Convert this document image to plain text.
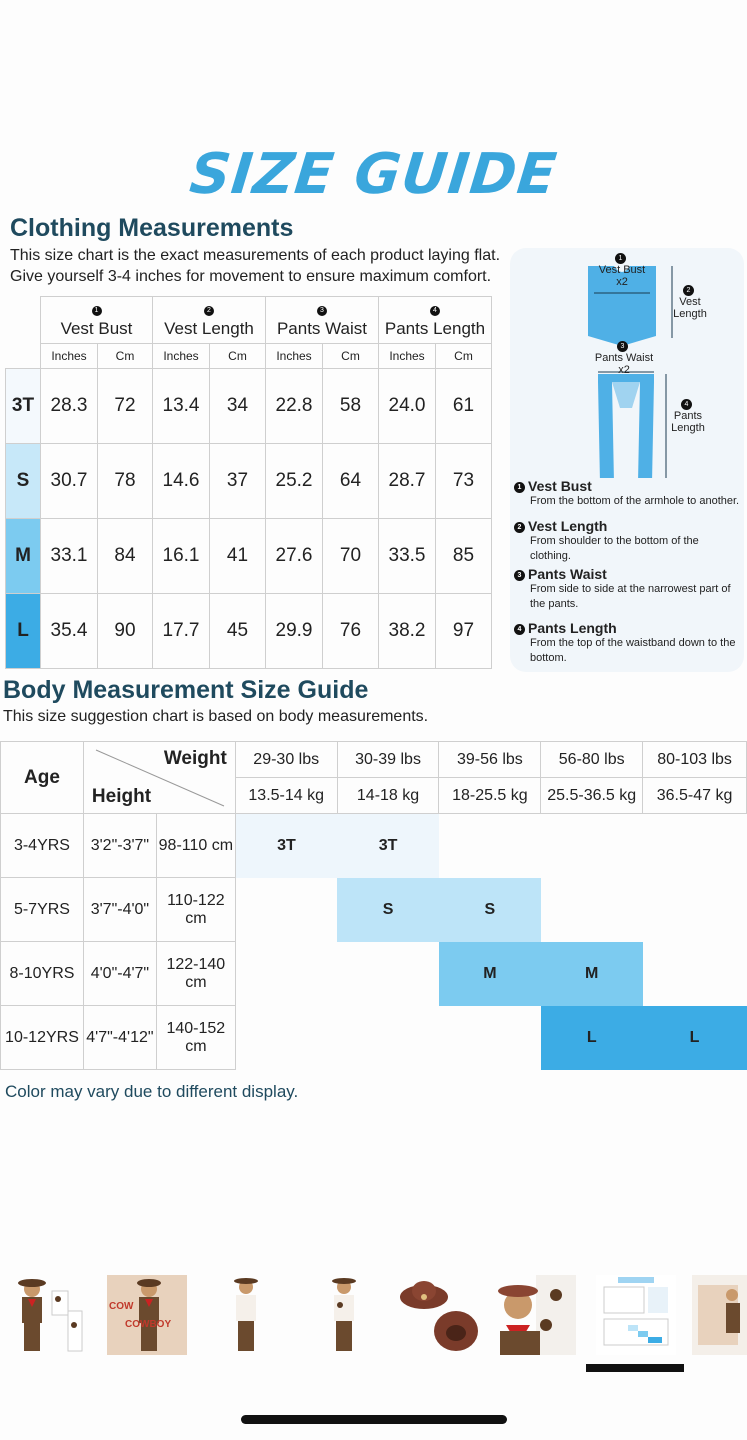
SIZE GUIDE
Clothing Measurements
This size chart is the exact measurements of each product laying flat.
Give yourself 3-4 inches for movement to ensure maximum comfort.
	1
Vest Bust		2
Vest Length		3
Pants Waist		4
Pants Length	

	Inches	Cm	Inches	Cm	Inches	Cm	Inches	Cm
3T	28.3	72	13.4	34	22.8	58	24.0	61
S	30.7	78	14.6	37	25.2	64	28.7	73
M	33.1	84	16.1	41	27.6	70	33.5	85
L	35.4	90	17.7	45	29.9	76	38.2	97
1
Vest Bust
x2
2
Vest Length
3
Pants Waist
x2
4
Pants Length
1 Vest Bust
From the bottom of the armhole to another.
2 Vest Length
From shoulder to the bottom of the clothing.
3 Pants Waist
From side to side at the narrowest part of the pants.
4 Pants Length
From the top of the waistband down to the bottom.
Body Measurement Size Guide
This size suggestion chart is based on body measurements.
Age	Weight
Height		29-30 lbs	30-39 lbs	39-56 lbs	56-80 lbs	80-103 lbs
			13.5-14 kg	14-18 kg	18-25.5 kg	25.5-36.5 kg	36.5-47 kg
3-4YRS	3'2"-3'7"	98-110 cm	3T	3T			
5-7YRS	3'7"-4'0"	110-122 cm		S	S		
8-10YRS	4'0"-4'7"	122-140 cm			M	M	
10-12YRS	4'7"-4'12"	140-152 cm				L	L
Color may vary due to different display.
COW
COWBOY
